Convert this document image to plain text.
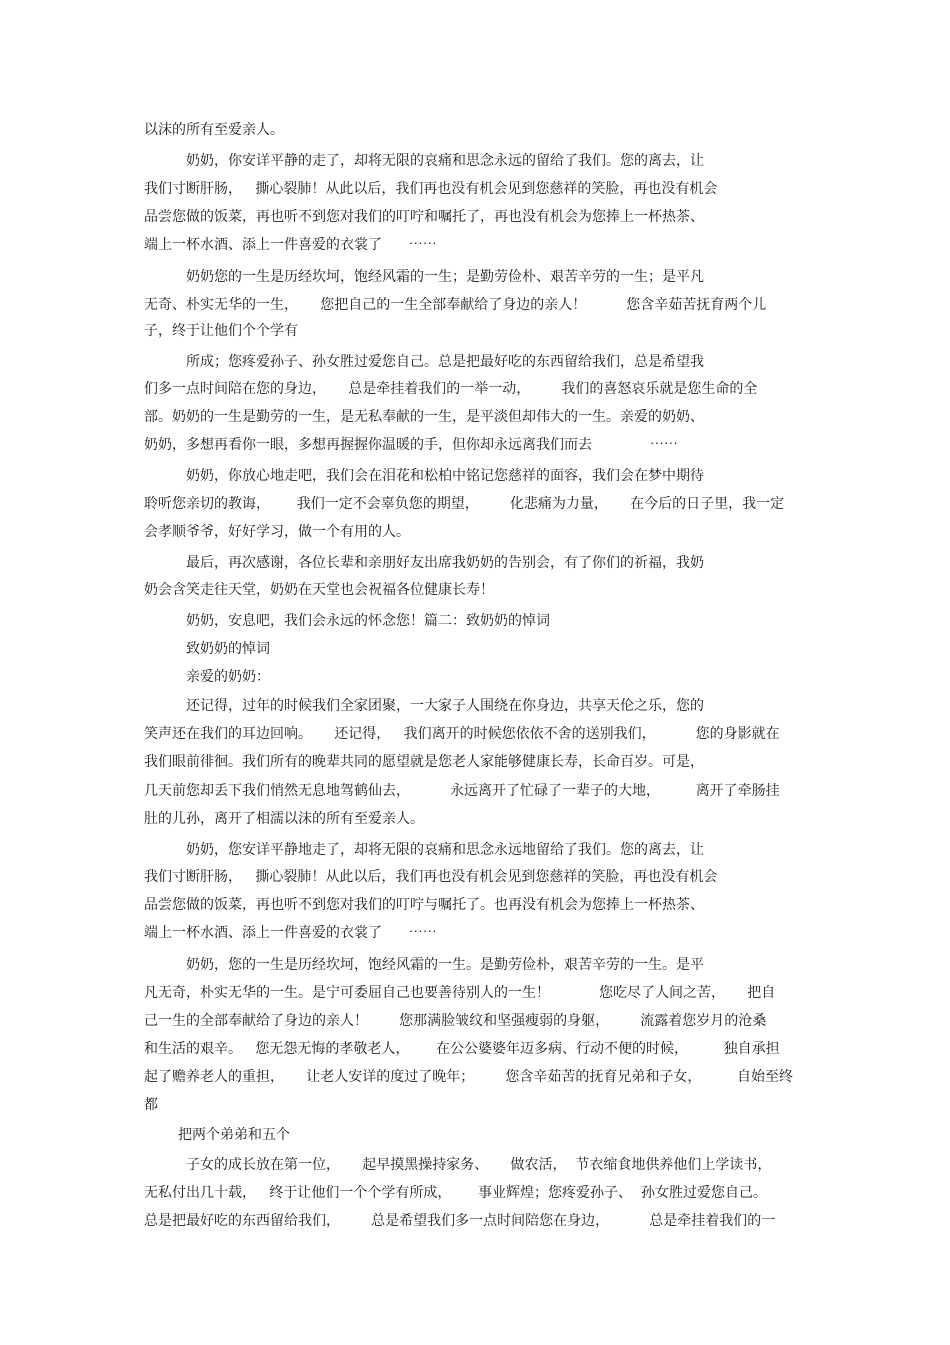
以沫的所有至爱亲人。
奶奶，你安详平静的走了，却将无限的哀痛和思念永远的留给了我们。您的离去，让
我们寸断肝肠，   撕心裂肺！从此以后，我们再也没有机会见到您慈祥的笑脸，再也没有机会
品尝您做的饭菜，再也听不到您对我们的叮咛和嘱托了，再也没有机会为您捧上一杯热茶、
端上一杯水酒、添上一件喜爱的衣裳了      ⋯⋯
奶奶您的一生是历经坎坷，饱经风霜的一生；是勤劳俭朴、艰苦辛劳的一生；是平凡
无奇、朴实无华的一生，     您把自己的一生全部奉献给了身边的亲人！         您含辛茹苦抚育两个儿
子，终于让他们个个学有
所成；您疼爱孙子、孙女胜过爱您自己。总是把最好吃的东西留给我们，总是希望我
们多一点时间陪在您的身边，     总是牵挂着我们的一举一动，       我们的喜怒哀乐就是您生命的全
部。奶奶的一生是勤劳的一生，是无私奉献的一生，是平淡但却伟大的一生。亲爱的奶奶、
奶奶，多想再看你一眼，多想再握握你温暖的手，但你却永远离我们而去             ⋯⋯
奶奶，你放心地走吧，我们会在泪花和松柏中铭记您慈祥的面容，我们会在梦中期待
聆听您亲切的教诲，      我们一定不会辜负您的期望，       化悲痛为力量，     在今后的日子里，我一定
会孝顺爷爷，好好学习，做一个有用的人。
最后，再次感谢，各位长辈和亲朋好友出席我奶奶的告别会，有了你们的祈福，我奶
奶会含笑走往天堂，奶奶在天堂也会祝福各位健康长寿！
奶奶，安息吧，我们会永远的怀念您！篇二：致奶奶的悼词
致奶奶的悼词
亲爱的奶奶：
还记得，过年的时候我们全家团聚，一大家子人围绕在你身边，共享天伦之乐，您的
笑声还在我们的耳边回响。     还记得，   我们离开的时候您依依不舍的送别我们，         您的身影就在
我们眼前徘徊。我们所有的晚辈共同的愿望就是您老人家能够健康长寿，长命百岁。可是，
几天前您却丢下我们悄然无息地驾鹤仙去，         永远离开了忙碌了一辈子的大地，        离开了牵肠挂
肚的儿孙，离开了相濡以沫的所有至爱亲人。
奶奶，您安详平静地走了，却将无限的哀痛和思念永远地留给了我们。您的离去，让
我们寸断肝肠，   撕心裂肺！从此以后，我们再也没有机会见到您慈祥的笑脸，再也没有机会
品尝您做的饭菜，再也听不到您对我们的叮咛与嘱托了。也再没有机会为您捧上一杯热茶、
端上一杯水酒、添上一件喜爱的衣裳了      ⋯⋯
奶奶，您的一生是历经坎坷，饱经风霜的一生。是勤劳俭朴，艰苦辛劳的一生。是平
凡无奇，朴实无华的一生。是宁可委屈自己也要善待别人的一生！           您吃尽了人间之苦，     把自
己一生的全部奉献给了身边的亲人！       您那满脸皱纹和坚强瘦弱的身躯，       流露着您岁月的沧桑
和生活的艰辛。   您无怨无悔的孝敬老人，      在公公婆婆年迈多病、行动不便的时候，        独自承担
起了赡养老人的重担，     让老人安详的度过了晚年；       您含辛茹苦的抚育兄弟和子女，        自始至终
都
把两个弟弟和五个
子女的成长放在第一位，     起早摸黑操持家务、     做农活，  节衣缩食地供养他们上学读书，
无私付出几十载，   终于让他们一个个学有所成，      事业辉煌；您疼爱孙子、  孙女胜过爱您自己。
总是把最好吃的东西留给我们，       总是希望我们多一点时间陪您在身边，         总是牵挂着我们的一
